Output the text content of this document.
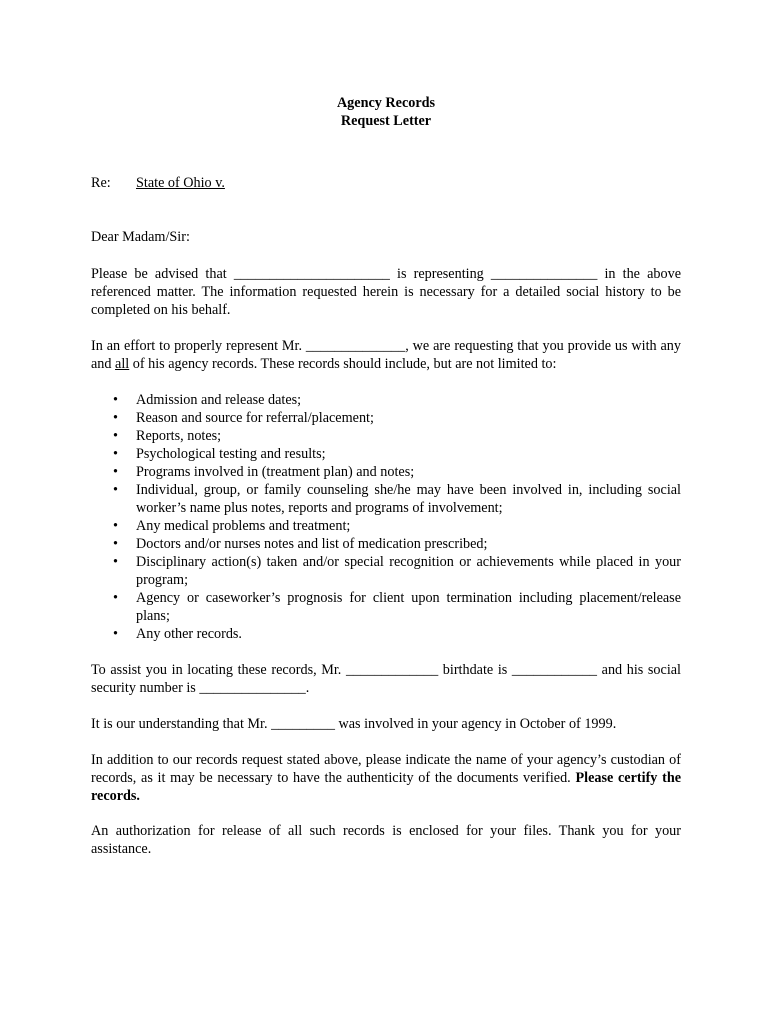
Agency Records

Request Letter

Re: State of Ohio v.

Dear Madam/Sir:

Please be advised that ______________________ is representing _______________ in the above referenced matter. The information requested herein is necessary for a detailed social history to be completed on his behalf.

In an effort to properly represent Mr. ______________, we are requesting that you provide us with any and all of his agency records. These records should include, but are not limited to:

• Admission and release dates;
• Reason and source for referral/placement;
• Reports, notes;
• Psychological testing and results;
• Programs involved in (treatment plan) and notes;
• Individual, group, or family counseling she/he may have been involved in, including social worker’s name plus notes, reports and programs of involvement;
• Any medical problems and treatment;
• Doctors and/or nurses notes and list of medication prescribed;
• Disciplinary action(s) taken and/or special recognition or achievements while placed in your program;
• Agency or caseworker’s prognosis for client upon termination including placement/release plans;
• Any other records.

To assist you in locating these records, Mr. _____________ birthdate is ____________ and his social security number is _______________.

It is our understanding that Mr. _________ was involved in your agency in October of 1999.

In addition to our records request stated above, please indicate the name of your agency’s custodian of records, as it may be necessary to have the authenticity of the documents verified. Please certify the records.

An authorization for release of all such records is enclosed for your files. Thank you for your assistance.
